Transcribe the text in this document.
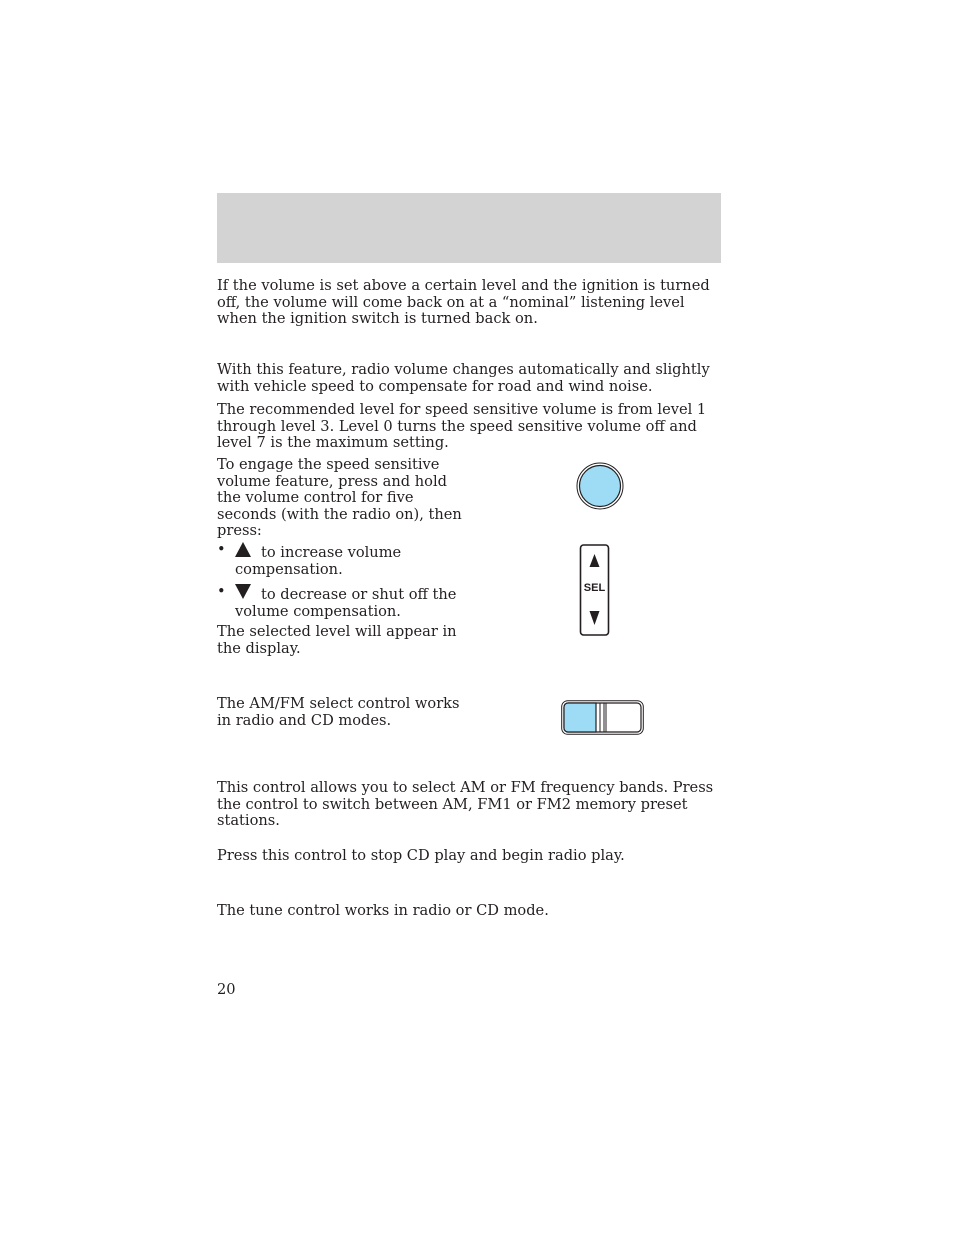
If the volume is set above a certain level and the ignition is turned off, the volume will come back on at a “nominal” listening level when the ignition switch is turned back on.

With this feature, radio volume changes automatically and slightly with vehicle speed to compensate for road and wind noise.

The recommended level for speed sensitive volume is from level 1 through level 3. Level 0 turns the speed sensitive volume off and level 7 is the maximum setting.

To engage the speed sensitive volume feature, press and hold the volume control for five seconds (with the radio on), then press:

•	to increase volume compensation.
•	to decrease or shut off the volume compensation.

The selected level will appear in the display.

The AM/FM select control works in radio and CD modes.

This control allows you to select AM or FM frequency bands. Press the control to switch between AM, FM1 or FM2 memory preset stations.

Press this control to stop CD play and begin radio play.

The tune control works in radio or CD mode.

SEL
20
